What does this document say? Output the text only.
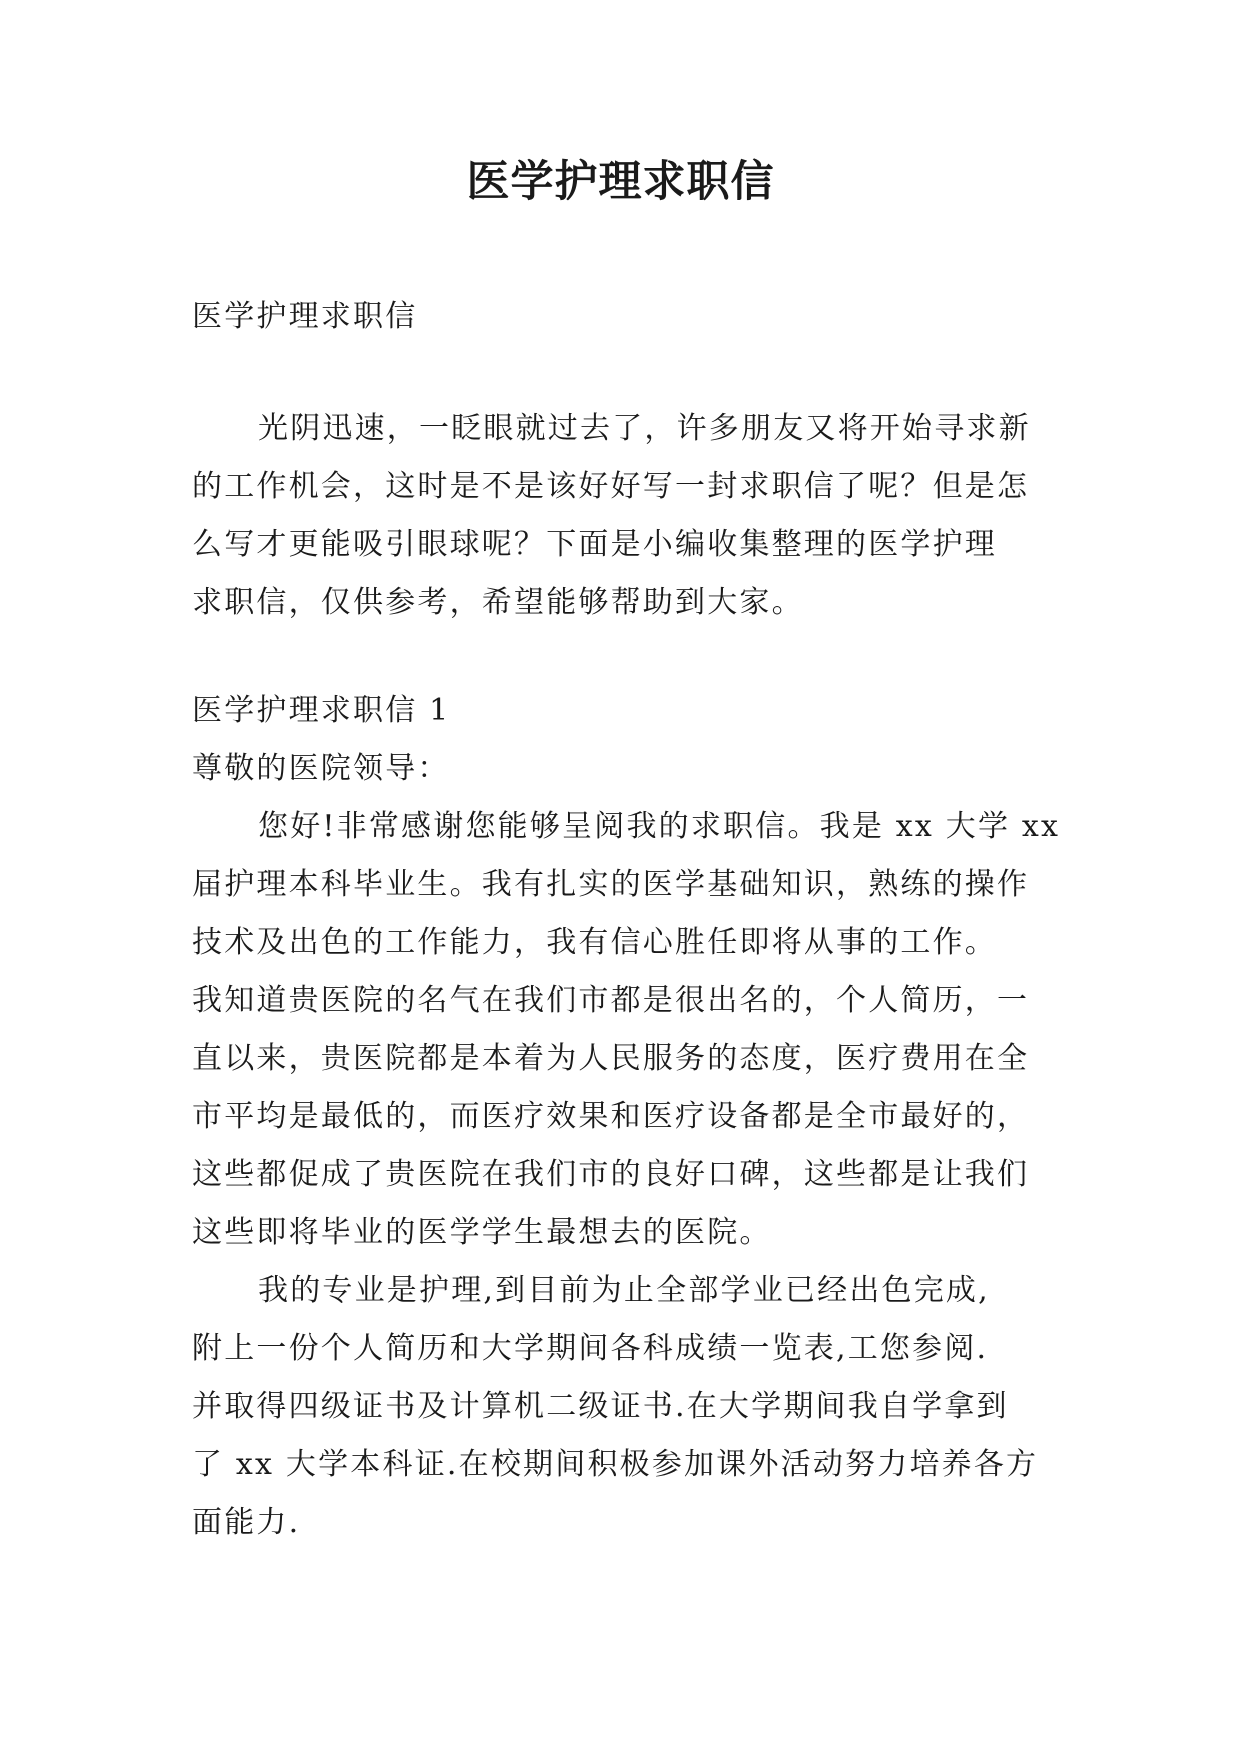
医学护理求职信
医学护理求职信
光阴迅速，一眨眼就过去了，许多朋友又将开始寻求新
的工作机会，这时是不是该好好写一封求职信了呢？但是怎
么写才更能吸引眼球呢？下面是小编收集整理的医学护理
求职信，仅供参考，希望能够帮助到大家。
医学护理求职信 1
尊敬的医院领导：
您好!非常感谢您能够呈阅我的求职信。我是 xx 大学 xx
届护理本科毕业生。我有扎实的医学基础知识，熟练的操作
技术及出色的工作能力，我有信心胜任即将从事的工作。
我知道贵医院的名气在我们市都是很出名的，个人简历，一
直以来，贵医院都是本着为人民服务的态度，医疗费用在全
市平均是最低的，而医疗效果和医疗设备都是全市最好的，
这些都促成了贵医院在我们市的良好口碑，这些都是让我们
这些即将毕业的医学学生最想去的医院。
我的专业是护理,到目前为止全部学业已经出色完成,
附上一份个人简历和大学期间各科成绩一览表,工您参阅.
并取得四级证书及计算机二级证书.在大学期间我自学拿到
了 xx 大学本科证.在校期间积极参加课外活动努力培养各方
面能力.
